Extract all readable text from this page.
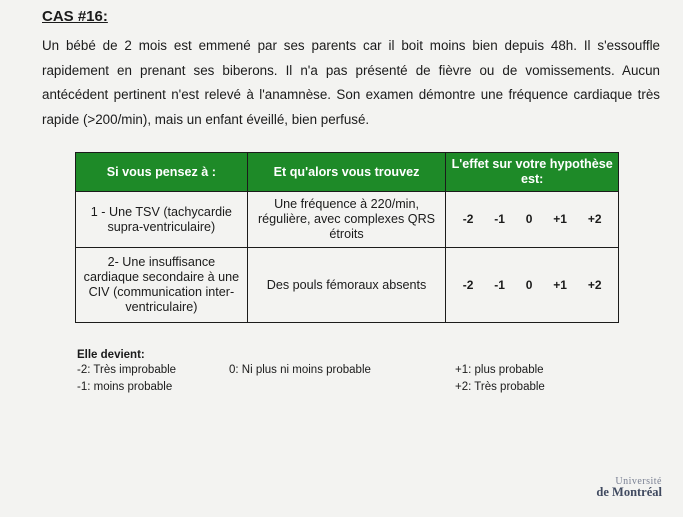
CAS #16:

Un bébé de 2 mois est emmené par ses parents car il boit moins bien depuis 48h. Il s'essouffle rapidement en prenant ses biberons. Il n'a pas présenté de fièvre ou de vomissements. Aucun antécédent pertinent n'est relevé à l'anamnèse. Son examen démontre une fréquence cardiaque très rapide (>200/min), mais un enfant éveillé, bien perfusé.

Si vous pensez à :	Et qu'alors vous trouvez	L'effet sur votre hypothèse est:
1 - Une TSV (tachycardie supra-ventriculaire)	Une fréquence à 220/min, régulière, avec complexes QRS étroits	-2 -1 0 +1 +2

2- Une insuffisance cardiaque secondaire à une CIV (communication inter-ventriculaire)	Des pouls fémoraux absents	-2 -1 0 +1 +2
Elle devient:
-2: Très improbable
-1: moins probable
0: Ni plus ni moins probable	+1: plus probable
+2: Très probable
Université
de Montréal
